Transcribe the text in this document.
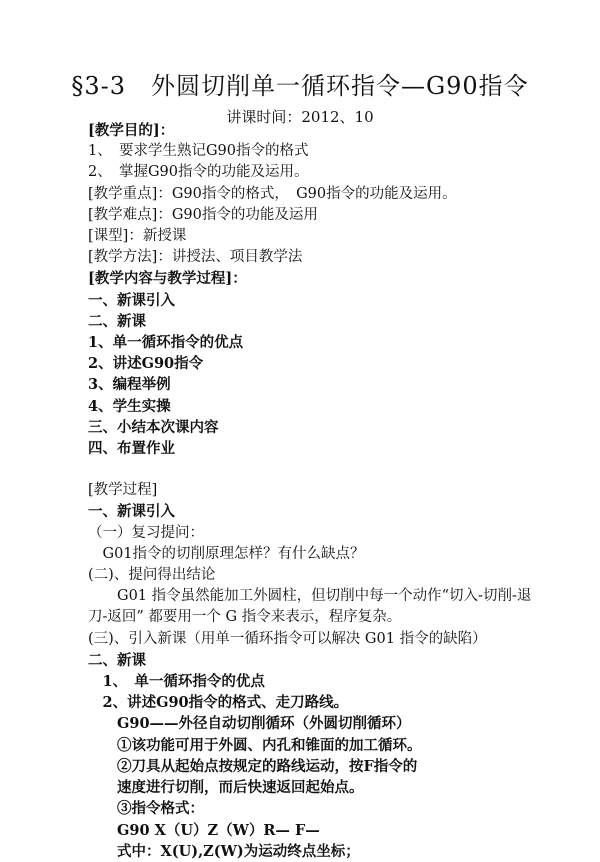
§3-3　外圆切削单一循环指令—G90指令
讲课时间：2012、10
[教学目的]：
1、　要求学生熟记G90指令的格式
2、　掌握G90指令的功能及运用。
[教学重点]：G90指令的格式，　G90指令的功能及运用。
[教学难点]：G90指令的功能及运用
[课型]：新授课
[教学方法]：讲授法、项目教学法
[教学内容与教学过程]：
一、新课引入
二、新课
1、单一循环指令的优点
2、讲述G90指令
3、编程举例
4、学生实操
三、小结本次课内容
四、布置作业
[教学过程]
一、新课引入
（一）复习提问：
　G01指令的切削原理怎样？有什么缺点？
(二)、提问得出结论
　　G01 指令虽然能加工外圆柱，但切削中每一个动作“切入-切削-退
刀-返回” 都要用一个 G 指令来表示，程序复杂。
(三)、引入新课（用单一循环指令可以解决 G01 指令的缺陷）
二、新课
　1、　单一循环指令的优点
　2、讲述G90指令的格式、走刀路线。
　　G90——外径自动切削循环（外圆切削循环）
　　①该功能可用于外圆、内孔和锥面的加工循环。
　　②刀具从起始点按规定的路线运动，按F指令的
　　速度进行切削，而后快速返回起始点。
　　③指令格式：
　　G90 X（U）Z（W）R— F—
　　式中：X(U),Z(W)为运动终点坐标；
